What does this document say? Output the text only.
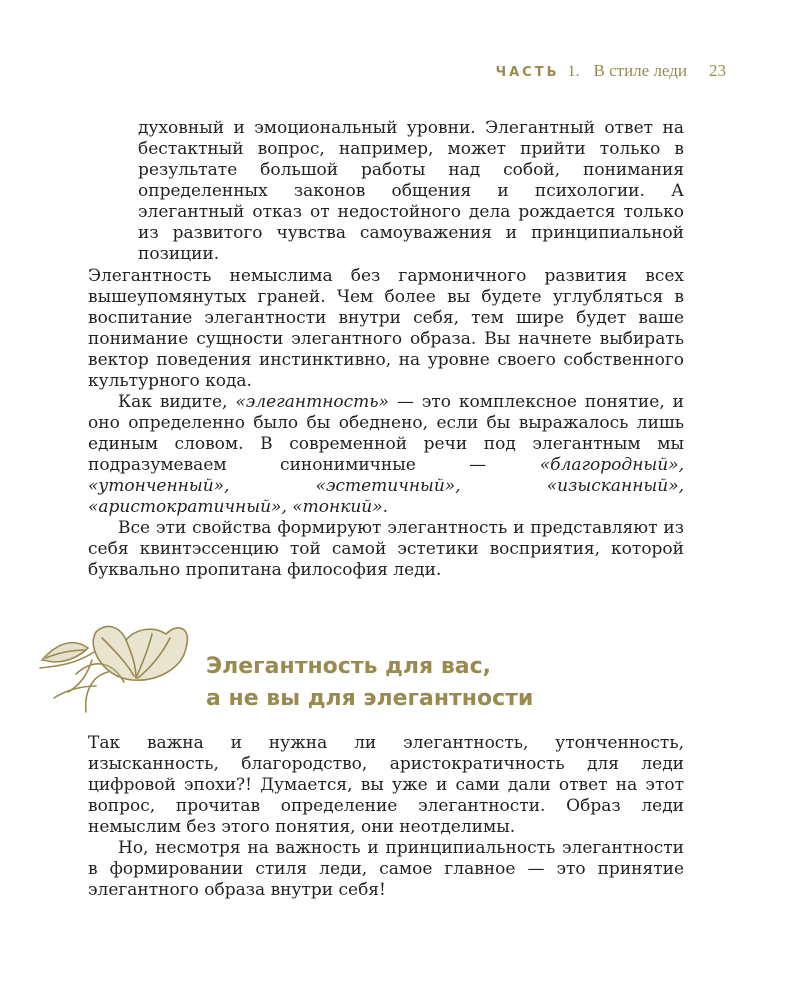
ЧАСТЬ 1. В стиле леди 23

духовный и эмоциональный уровни. Элегантный ответ на бестактный вопрос, например, может прийти только в результате большой работы над собой, понимания определенных законов общения и психологии. А элегантный отказ от недостойного дела рождается только из развитого чувства самоуважения и принципиальной позиции.

Элегантность немыслима без гармоничного развития всех вышеупомянутых граней. Чем более вы будете углубляться в воспитание элегантности внутри себя, тем шире будет ваше понимание сущности элегантного образа. Вы начнете выбирать вектор поведения инстинктивно, на уровне своего собственного культурного кода.

Как видите, «элегантность» — это комплексное понятие, и оно определенно было бы обеднено, если бы выражалось лишь единым словом. В современной речи под элегантным мы подразумеваем синонимичные — «благородный», «утонченный», «эстетичный», «изысканный», «аристократичный», «тонкий».

Все эти свойства формируют элегантность и представляют из себя квинтэссенцию той самой эстетики восприятия, которой буквально пропитана философия леди.

Элегантность для вас,
а не вы для элегантности

Так важна и нужна ли элегантность, утонченность, изысканность, благородство, аристократичность для леди цифровой эпохи?! Думается, вы уже и сами дали ответ на этот вопрос, прочитав определение элегантности. Образ леди немыслим без этого понятия, они неотделимы.

Но, несмотря на важность и принципиальность элегантности в формировании стиля леди, самое главное — это принятие элегантного образа внутри себя!
